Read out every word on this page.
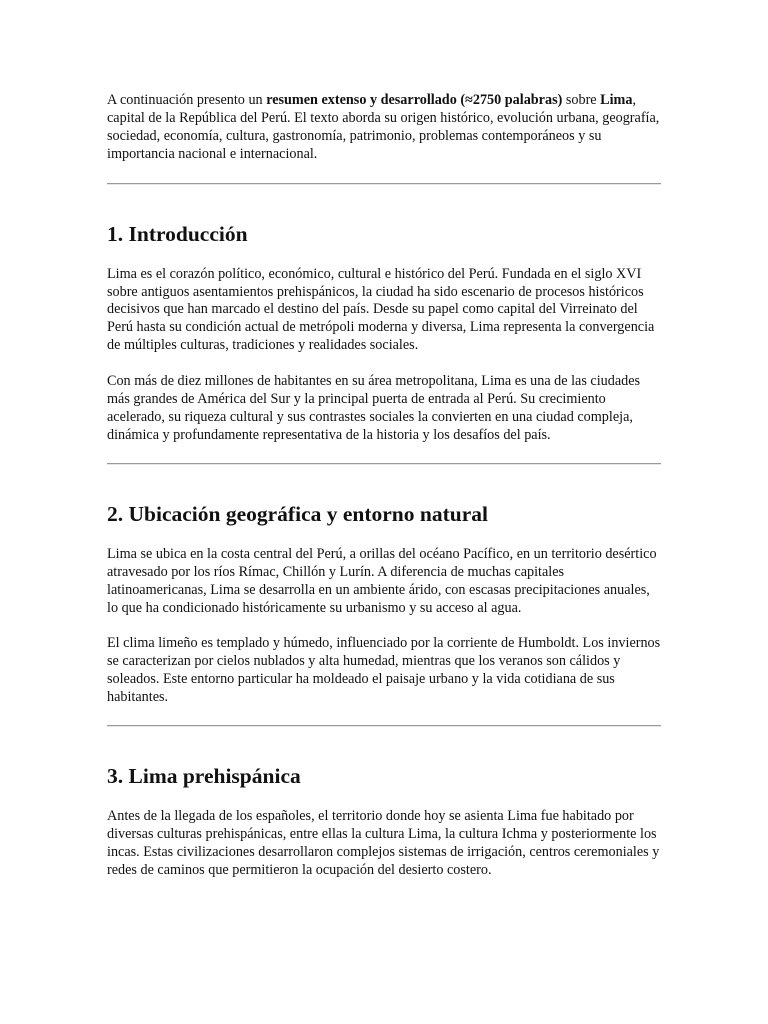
A continuación presento un resumen extenso y desarrollado (≈2750 palabras) sobre Lima, capital de la República del Perú. El texto aborda su origen histórico, evolución urbana, geografía, sociedad, economía, cultura, gastronomía, patrimonio, problemas contemporáneos y su importancia nacional e internacional.

1. Introducción

Lima es el corazón político, económico, cultural e histórico del Perú. Fundada en el siglo XVI sobre antiguos asentamientos prehispánicos, la ciudad ha sido escenario de procesos históricos decisivos que han marcado el destino del país. Desde su papel como capital del Virreinato del Perú hasta su condición actual de metrópoli moderna y diversa, Lima representa la convergencia de múltiples culturas, tradiciones y realidades sociales.

Con más de diez millones de habitantes en su área metropolitana, Lima es una de las ciudades más grandes de América del Sur y la principal puerta de entrada al Perú. Su crecimiento acelerado, su riqueza cultural y sus contrastes sociales la convierten en una ciudad compleja, dinámica y profundamente representativa de la historia y los desafíos del país.

2. Ubicación geográfica y entorno natural

Lima se ubica en la costa central del Perú, a orillas del océano Pacífico, en un territorio desértico atravesado por los ríos Rímac, Chillón y Lurín. A diferencia de muchas capitales latinoamericanas, Lima se desarrolla en un ambiente árido, con escasas precipitaciones anuales, lo que ha condicionado históricamente su urbanismo y su acceso al agua.

El clima limeño es templado y húmedo, influenciado por la corriente de Humboldt. Los inviernos se caracterizan por cielos nublados y alta humedad, mientras que los veranos son cálidos y soleados. Este entorno particular ha moldeado el paisaje urbano y la vida cotidiana de sus habitantes.

3. Lima prehispánica

Antes de la llegada de los españoles, el territorio donde hoy se asienta Lima fue habitado por diversas culturas prehispánicas, entre ellas la cultura Lima, la cultura Ichma y posteriormente los incas. Estas civilizaciones desarrollaron complejos sistemas de irrigación, centros ceremoniales y redes de caminos que permitieron la ocupación del desierto costero.
